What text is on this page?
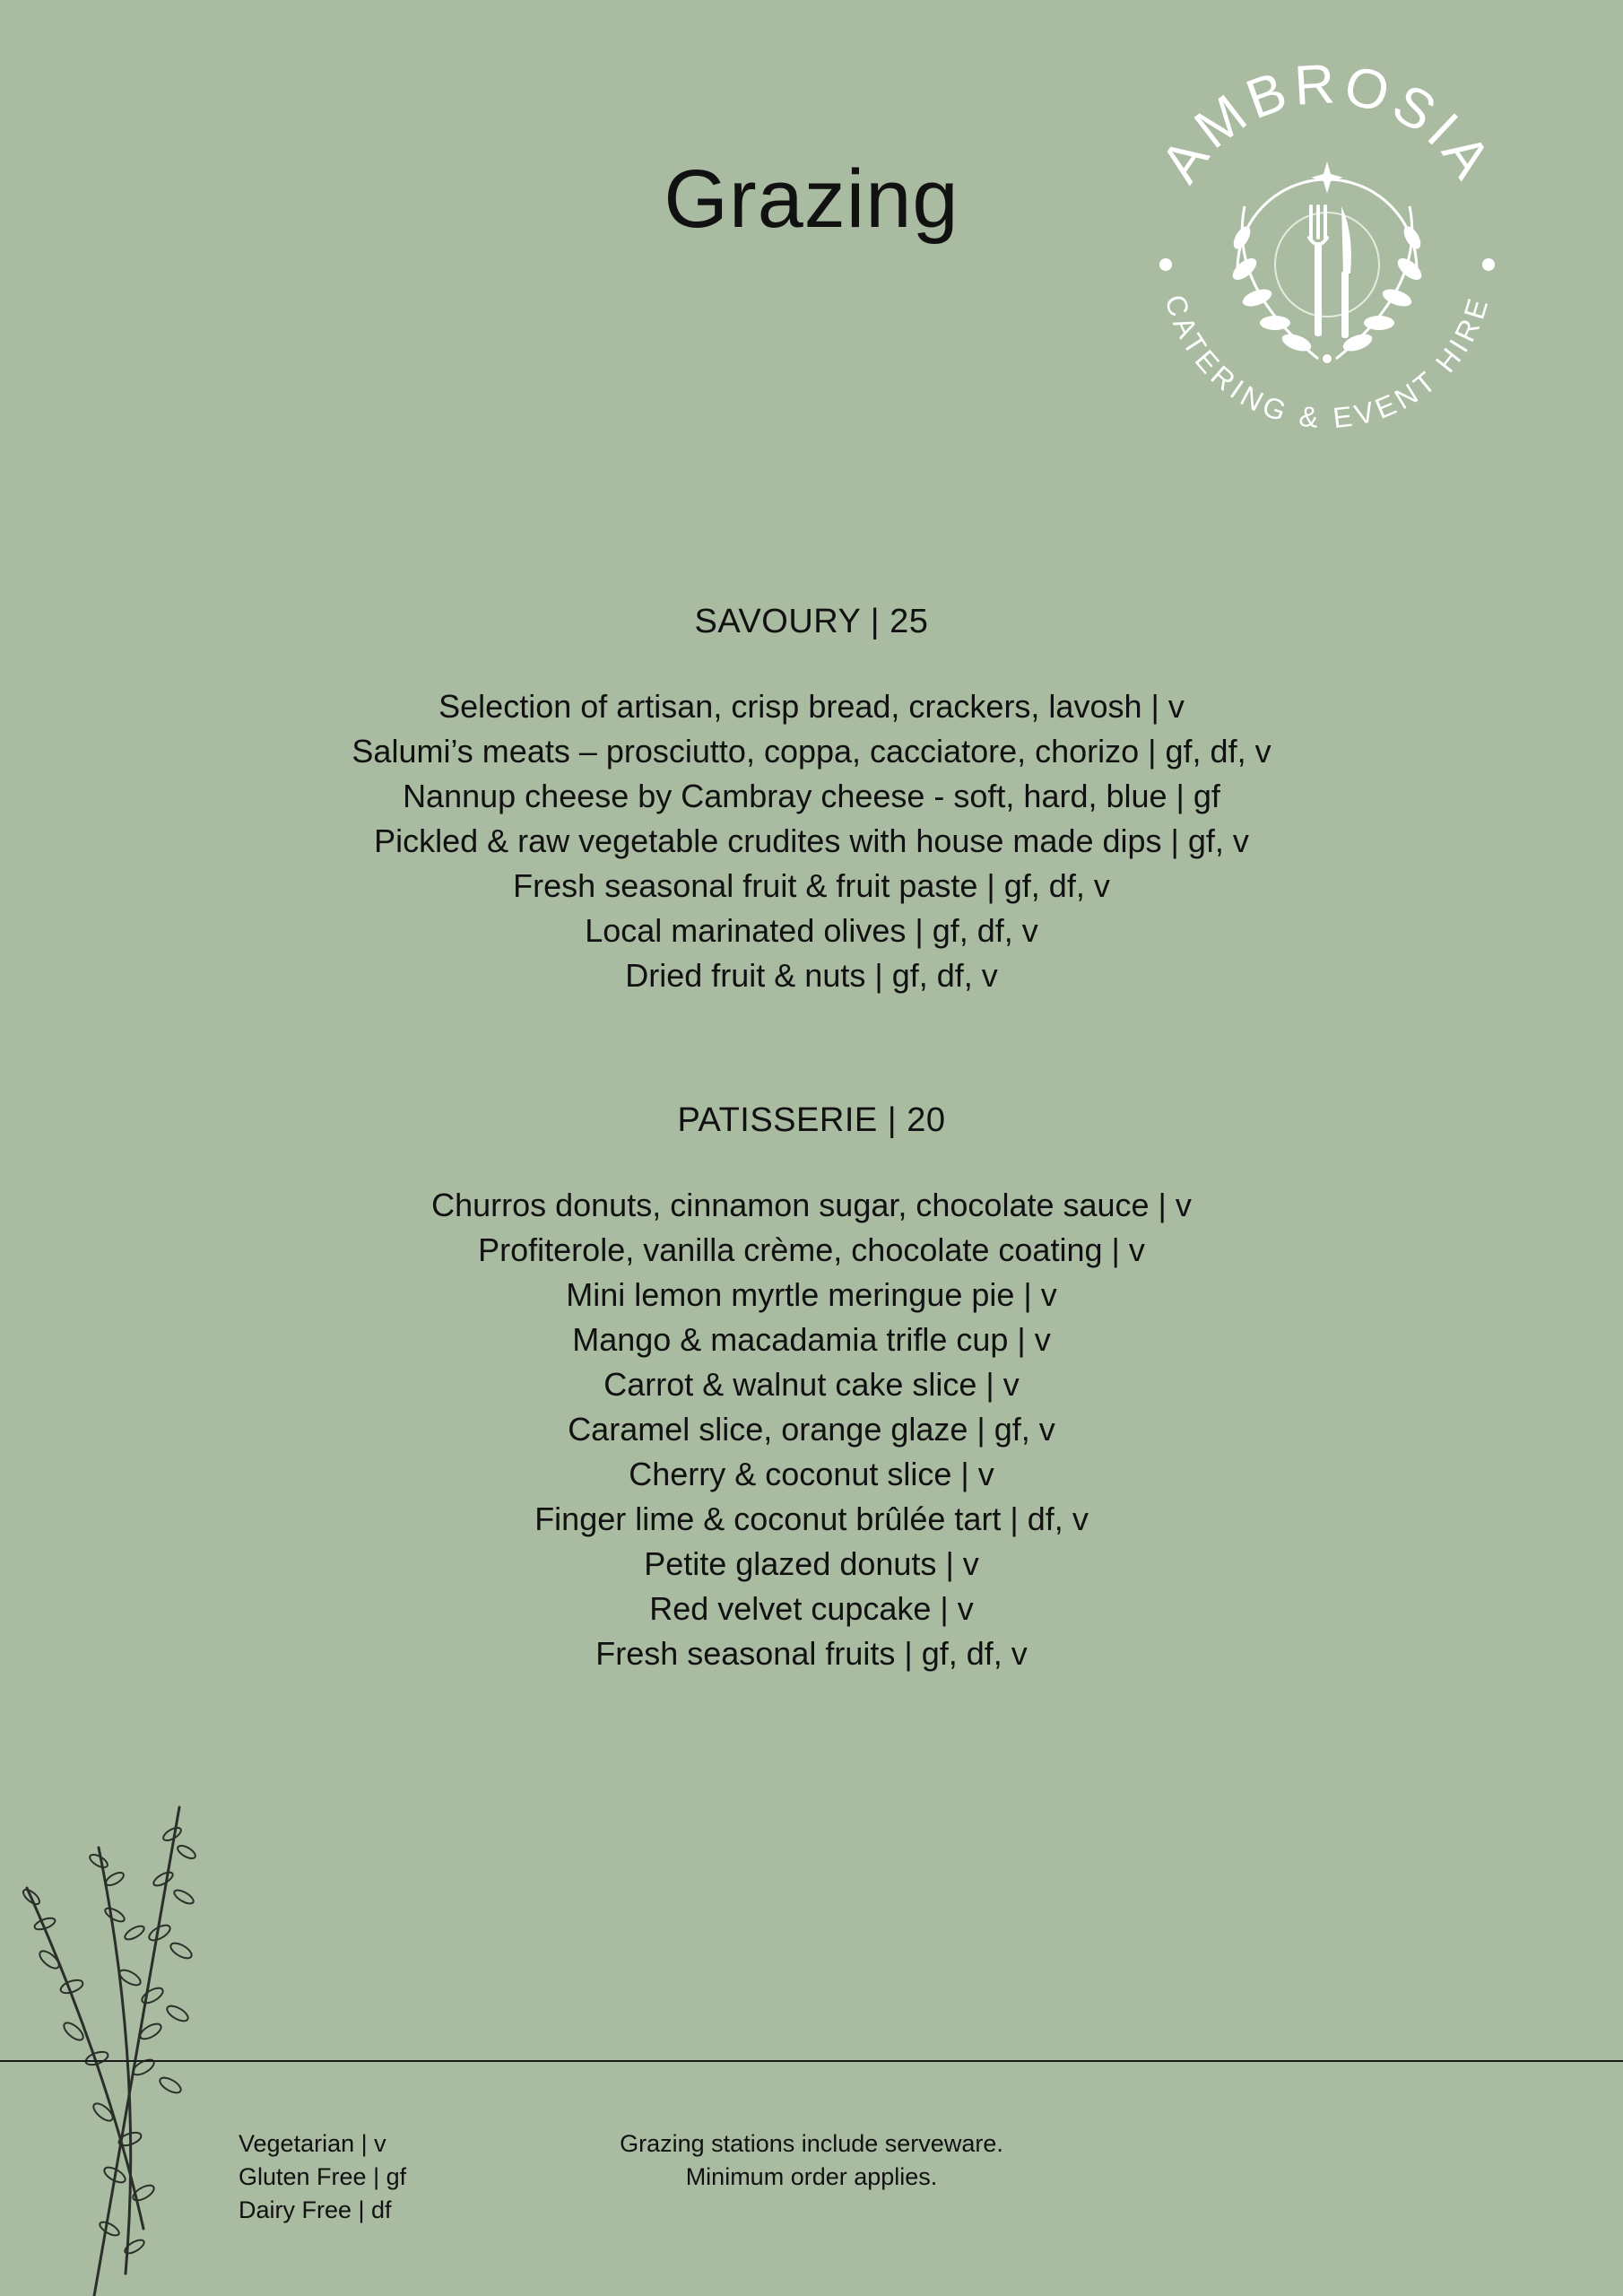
Grazing	AMBROSIA
CATERING & EVENT HIRE
SAVOURY | 25
Selection of artisan, crisp bread, crackers, lavosh | v
Salumi’s meats – prosciutto, coppa, cacciatore, chorizo | gf, df, v
Nannup cheese by Cambray cheese - soft, hard, blue | gf
Pickled & raw vegetable crudites with house made dips | gf, v
Fresh seasonal fruit & fruit paste | gf, df, v
Local marinated olives | gf, df, v
Dried fruit & nuts | gf, df, v
PATISSERIE | 20
Churros donuts, cinnamon sugar, chocolate sauce | v
Profiterole, vanilla crème, chocolate coating | v
Mini lemon myrtle meringue pie | v
Mango & macadamia trifle cup | v
Carrot & walnut cake slice | v
Caramel slice, orange glaze | gf, v
Cherry & coconut slice | v
Finger lime & coconut brûlée tart | df, v
Petite glazed donuts | v
Red velvet cupcake | v
Fresh seasonal fruits | gf, df, v
Vegetarian | v
Gluten Free | gf
Dairy Free | df
Grazing stations include serveware.
Minimum order applies.
